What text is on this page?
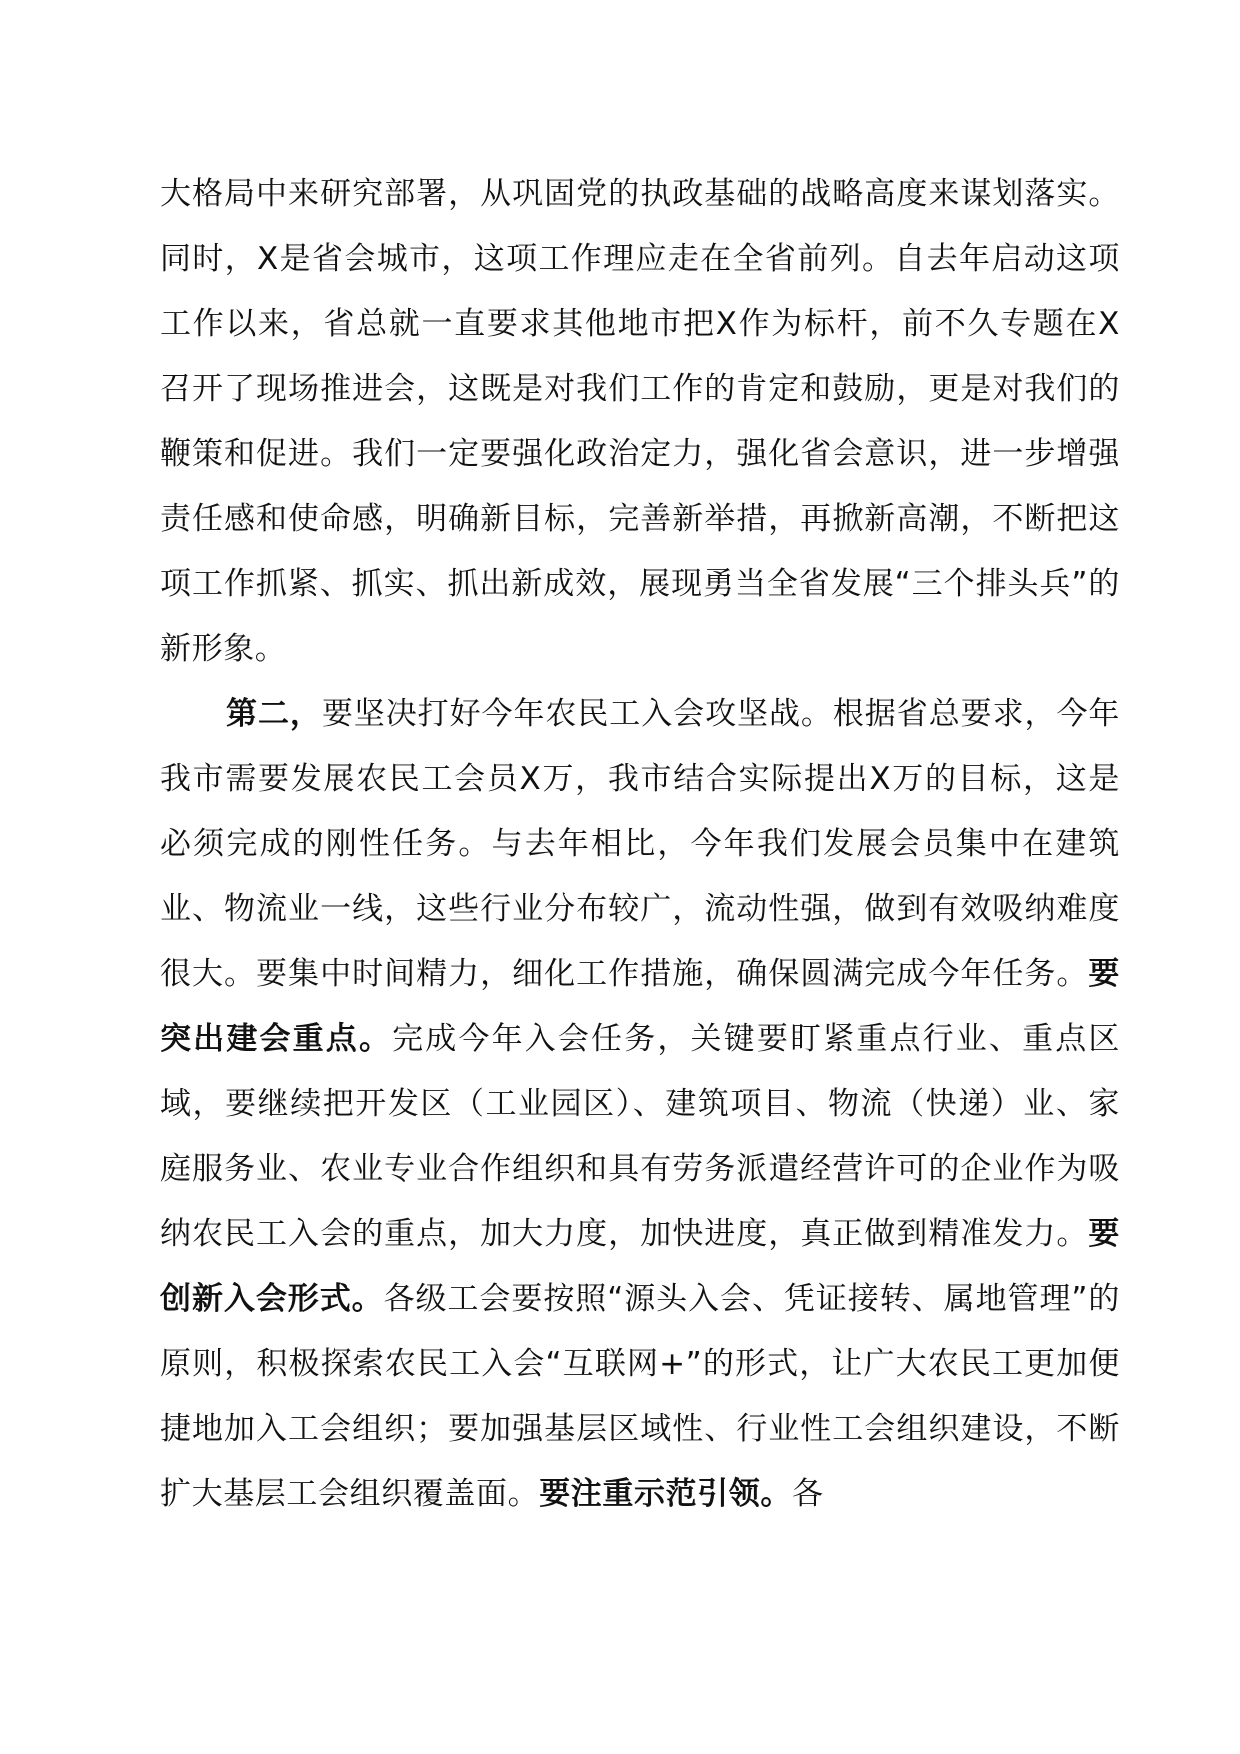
大格局中来研究部署，从巩固党的执政基础的战略高度来谋划落实。同时，X是省会城市，这项工作理应走在全省前列。自去年启动这项工作以来，省总就一直要求其他地市把X作为标杆，前不久专题在X召开了现场推进会，这既是对我们工作的肯定和鼓励，更是对我们的鞭策和促进。我们一定要强化政治定力，强化省会意识，进一步增强责任感和使命感，明确新目标，完善新举措，再掀新高潮，不断把这项工作抓紧、抓实、抓出新成效，展现勇当全省发展“三个排头兵”的新形象。

第二，要坚决打好今年农民工入会攻坚战。根据省总要求，今年我市需要发展农民工会员X万，我市结合实际提出X万的目标，这是必须完成的刚性任务。与去年相比，今年我们发展会员集中在建筑业、物流业一线，这些行业分布较广，流动性强，做到有效吸纳难度很大。要集中时间精力，细化工作措施，确保圆满完成今年任务。要突出建会重点。完成今年入会任务，关键要盯紧重点行业、重点区域，要继续把开发区（工业园区）、建筑项目、物流（快递）业、家庭服务业、农业专业合作组织和具有劳务派遣经营许可的企业作为吸纳农民工入会的重点，加大力度，加快进度，真正做到精准发力。要创新入会形式。各级工会要按照“源头入会、凭证接转、属地管理”的原则，积极探索农民工入会“互联网+”的形式，让广大农民工更加便捷地加入工会组织；要加强基层区域性、行业性工会组织建设，不断扩大基层工会组织覆盖面。要注重示范引领。各
